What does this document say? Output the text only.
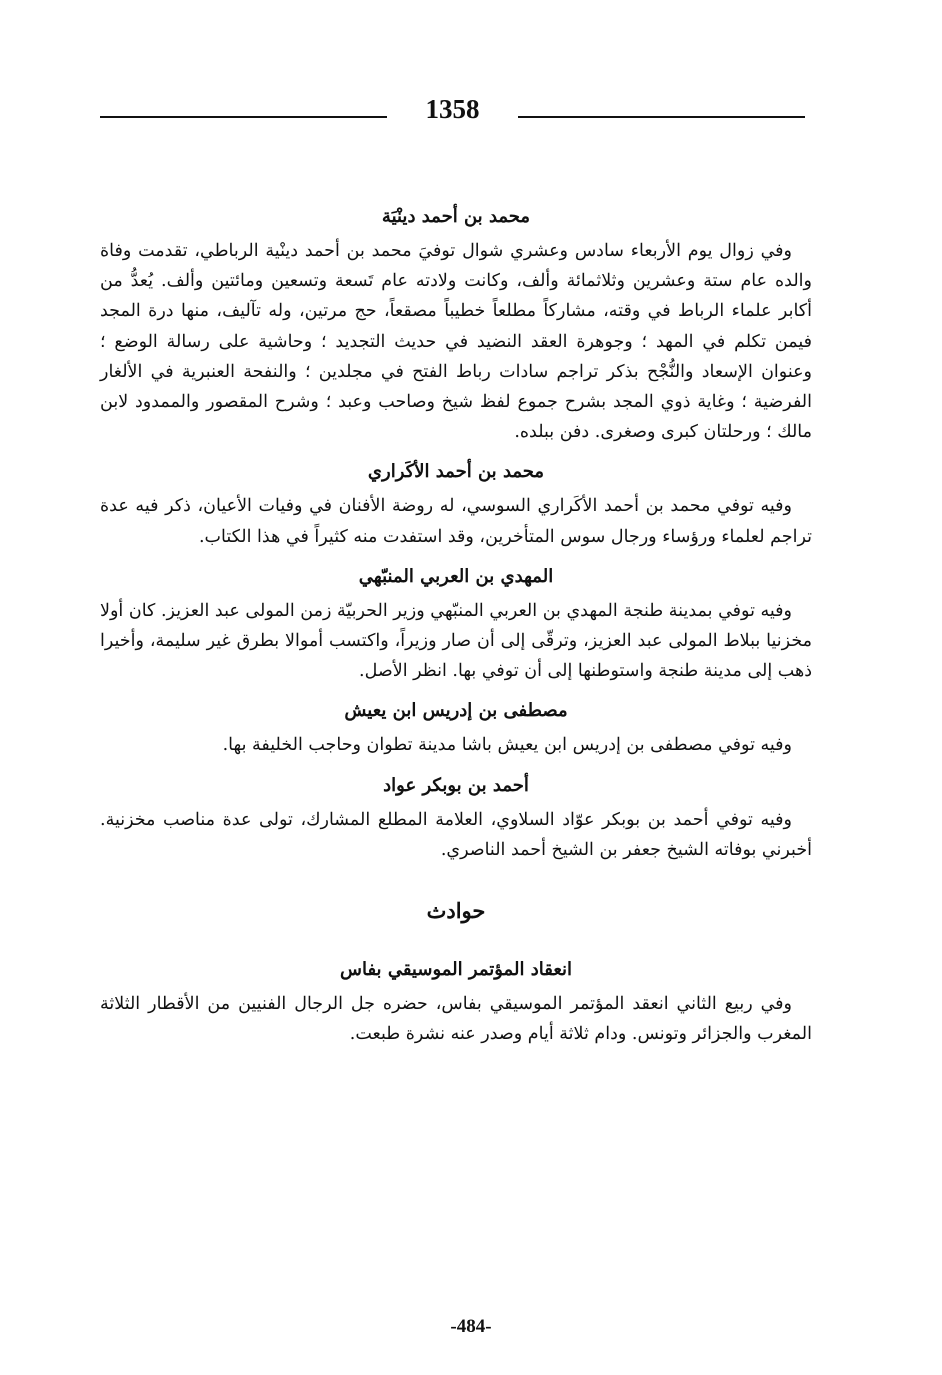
1358
محمد بن أحمد دينْيَة

وفي زوال يوم الأربعاء سادس وعشري شوال توفيَ محمد بن أحمد دينْية الرباطي، تقدمت وفاة والده عام ستة وعشرين وثلاثمائة وألف، وكانت ولادته عام تَسعة وتسعين ومائتين وألف. يُعدُّ من أكابر علماء الرباط في وقته، مشاركاً مطلعاً خطيباً مصقعاً، حج مرتين، وله تآليف، منها درة المجد فيمن تكلم في المهد ؛ وجوهرة العقد النضيد في حديث التجديد ؛ وحاشية على رسالة الوضع ؛ وعنوان الإسعاد والنُّجْح بذكر تراجم سادات رباط الفتح في مجلدين ؛ والنفحة العنبرية في الألغار الفرضية ؛ وغاية ذوي المجد بشرح جموع لفظ شيخ وصاحب وعبد ؛ وشرح المقصور والممدود لابن مالك ؛ ورحلتان كبرى وصغرى. دفن ببلده.

محمد بن أحمد الأكَراري

وفيه توفي محمد بن أحمد الأكَراري السوسي، له روضة الأفنان في وفيات الأعيان، ذكر فيه عدة تراجم لعلماء ورؤساء ورجال سوس المتأخرين، وقد استفدت منه كثيراً في هذا الكتاب.

المهدي بن العربي المنبّهي

وفيه توفي بمدينة طنجة المهدي بن العربي المنبّهي وزير الحربيّة زمن المولى عبد العزيز. كان أولا مخزنيا ببلاط المولى عبد العزيز، وترقّى إلى أن صار وزيراً، واكتسب أموالا بطرق غير سليمة، وأخيرا ذهب إلى مدينة طنجة واستوطنها إلى أن توفي بها. انظر الأصل.

مصطفى بن إدريس ابن يعيش

وفيه توفي مصطفى بن إدريس ابن يعيش باشا مدينة تطوان وحاجب الخليفة بها.

أحمد بن بوبكر عواد

وفيه توفي أحمد بن بوبكر عوّاد السلاوي، العلامة المطلع المشارك، تولى عدة مناصب مخزنية. أخبرني بوفاته الشيخ جعفر بن الشيخ أحمد الناصري.

حوادث
انعقاد المؤتمر الموسيقي بفاس

وفي ربيع الثاني انعقد المؤتمر الموسيقي بفاس، حضره جل الرجال الفنيين من الأقطار الثلاثة المغرب والجزائر وتونس. ودام ثلاثة أيام وصدر عنه نشرة طبعت.

-484-
